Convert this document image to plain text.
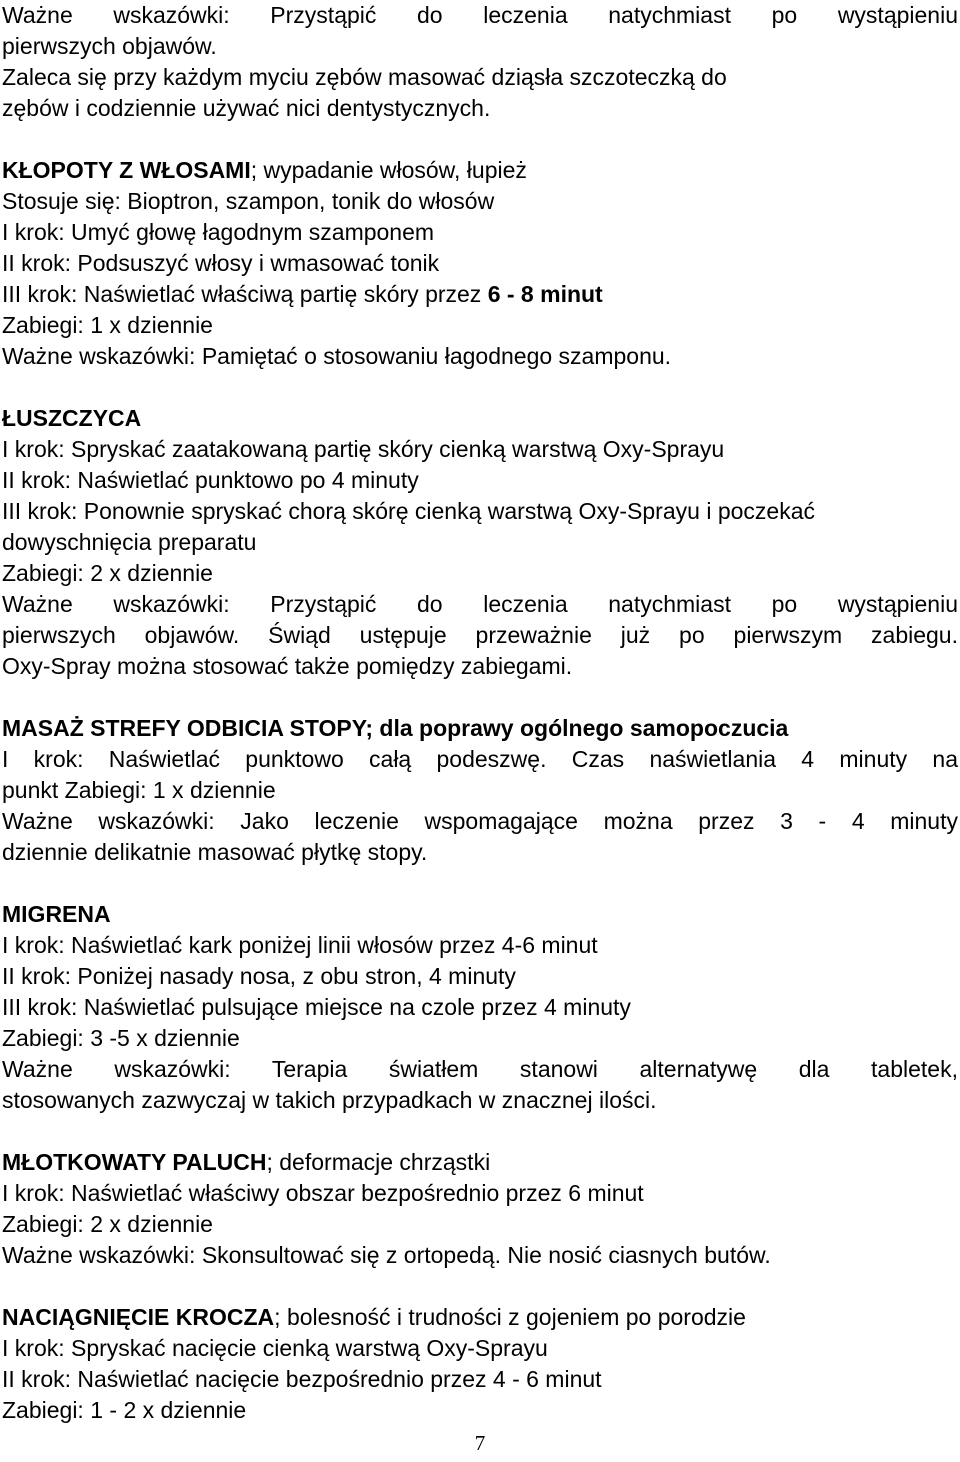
Ważne wskazówki: Przystąpić do leczenia natychmiast po wystąpieniu
pierwszych objawów.
Zaleca się przy każdym myciu zębów masować dziąsła szczoteczką do
zębów i codziennie używać nici dentystycznych.
KŁOPOTY Z WŁOSAMI; wypadanie włosów, łupież
Stosuje się: Bioptron, szampon, tonik do włosów
I krok: Umyć głowę łagodnym szamponem
II krok: Podsuszyć włosy i wmasować tonik
III krok: Naświetlać właściwą partię skóry przez 6 - 8 minut
Zabiegi: 1 x dziennie
Ważne wskazówki: Pamiętać o stosowaniu łagodnego szamponu.
ŁUSZCZYCA
I krok: Spryskać zaatakowaną partię skóry cienką warstwą Oxy-Sprayu
II krok: Naświetlać punktowo po 4 minuty
III krok: Ponownie spryskać chorą skórę cienką warstwą Oxy-Sprayu i poczekać
dowyschnięcia preparatu
Zabiegi: 2 x dziennie
Ważne wskazówki: Przystąpić do leczenia natychmiast po wystąpieniu
pierwszych objawów. Świąd ustępuje przeważnie już po pierwszym zabiegu.
Oxy-Spray można stosować także pomiędzy zabiegami.
MASAŻ STREFY ODBICIA STOPY; dla poprawy ogólnego samopoczucia
I krok: Naświetlać punktowo całą podeszwę. Czas naświetlania 4 minuty na
punkt Zabiegi: 1 x dziennie
Ważne wskazówki: Jako leczenie wspomagające można przez 3 - 4 minuty
dziennie delikatnie masować płytkę stopy.
MIGRENA
I krok: Naświetlać kark poniżej linii włosów przez 4-6 minut
II krok: Poniżej nasady nosa, z obu stron, 4 minuty
III krok: Naświetlać pulsujące miejsce na czole przez 4 minuty
Zabiegi: 3 -5 x dziennie
Ważne wskazówki: Terapia światłem stanowi alternatywę dla tabletek,
stosowanych zazwyczaj w takich przypadkach w znacznej ilości.
MŁOTKOWATY PALUCH; deformacje chrząstki
I krok: Naświetlać właściwy obszar bezpośrednio przez 6 minut
Zabiegi: 2 x dziennie
Ważne wskazówki: Skonsultować się z ortopedą. Nie nosić ciasnych butów.
NACIĄGNIĘCIE KROCZA; bolesność i trudności z gojeniem po porodzie
I krok: Spryskać nacięcie cienką warstwą Oxy-Sprayu
II krok: Naświetlać nacięcie bezpośrednio przez 4 - 6 minut
Zabiegi: 1 - 2 x dziennie
7
